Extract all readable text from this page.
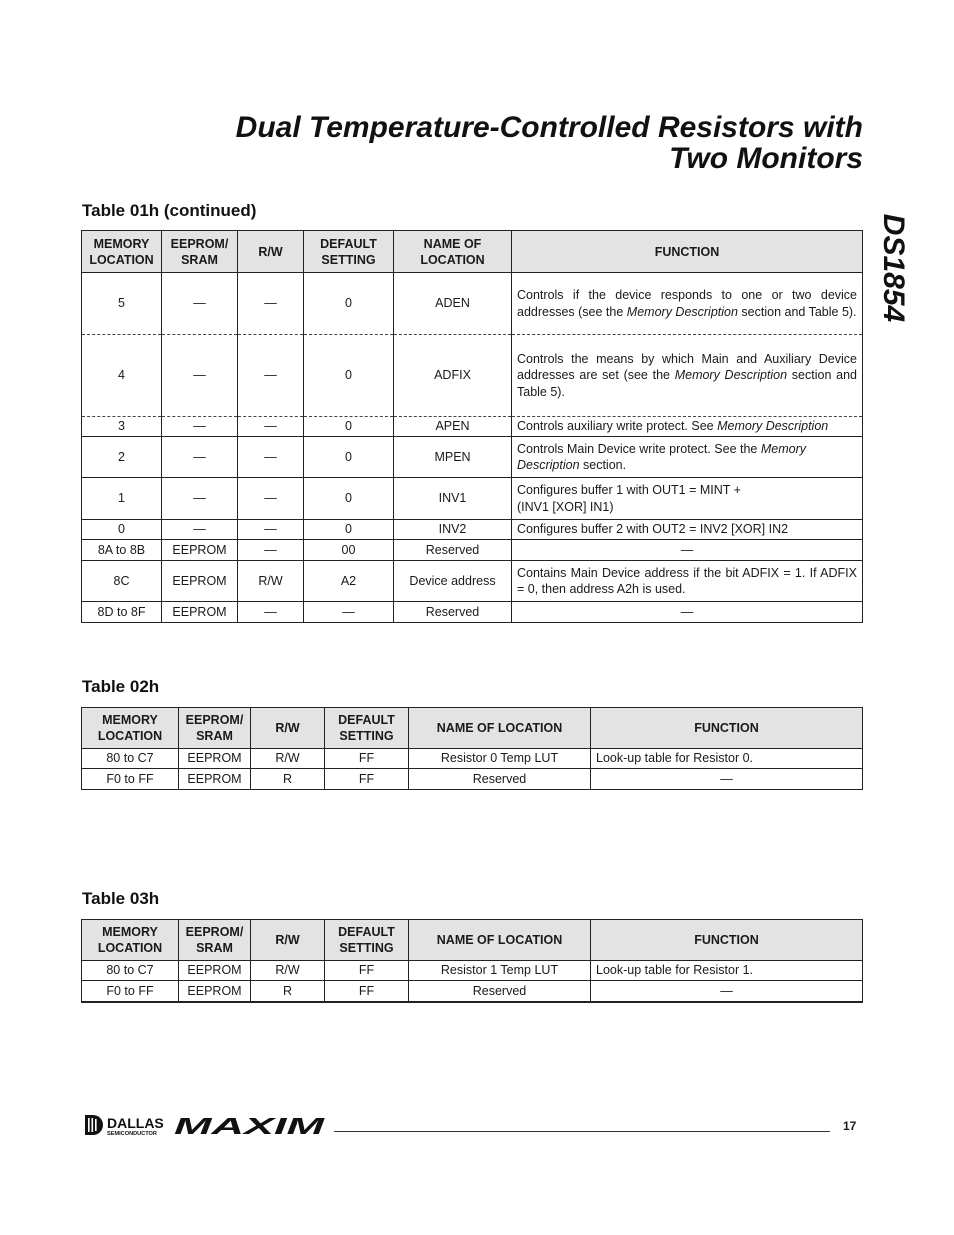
Dual Temperature-Controlled Resistors with
Two Monitors
DS1854
Table 01h (continued)
MEMORY LOCATION	EEPROM/ SRAM	R/W	DEFAULT SETTING	NAME OF LOCATION	FUNCTION
5	—	—	0	ADEN	Controls if the device responds to one or two device addresses (see the Memory Description section and Table 5).
4	—	—	0	ADFIX	Controls the means by which Main and Auxiliary Device addresses are set (see the Memory Description section and Table 5).
3	—	—	0	APEN	Controls auxiliary write protect. See Memory Description
2	—	—	0	MPEN	Controls Main Device write protect. See the Memory Description section.
1	—	—	0	INV1	Configures buffer 1 with OUT1 = MINT +
(INV1 [XOR] IN1)

0	—	—	0	INV2	Configures buffer 2 with OUT2 = INV2 [XOR] IN2
8A to 8B	EEPROM	—	00	Reserved	—
8C	EEPROM	R/W	A2	Device address	Contains Main Device address if the bit ADFIX = 1. If ADFIX = 0, then address A2h is used.
8D to 8F	EEPROM	—	—	Reserved	—
Table 02h
MEMORY LOCATION	EEPROM/ SRAM	R/W	DEFAULT SETTING	NAME OF LOCATION	FUNCTION
80 to C7	EEPROM	R/W	FF	Resistor 0 Temp LUT	Look-up table for Resistor 0.
F0 to FF	EEPROM	R	FF	Reserved	—
Table 03h
MEMORY LOCATION	EEPROM/ SRAM	R/W	DEFAULT SETTING	NAME OF LOCATION	FUNCTION
80 to C7	EEPROM	R/W	FF	Resistor 1 Temp LUT	Look-up table for Resistor 1.
F0 to FF	EEPROM	R	FF	Reserved	—
DALLAS
SEMICONDUCTOR MAXIM	17
